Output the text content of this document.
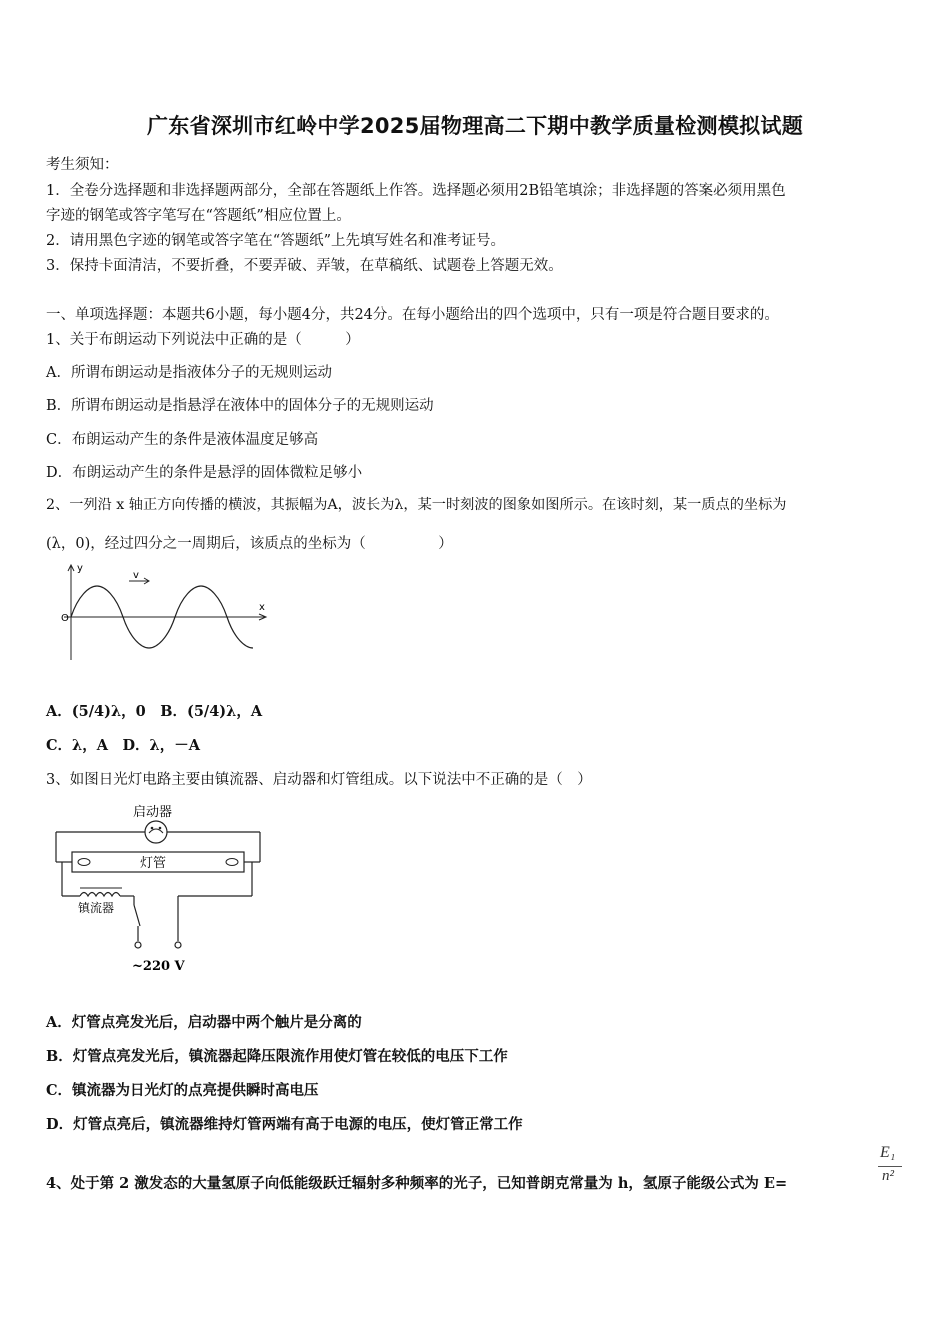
广东省深圳市红岭中学2025届物理高二下期中教学质量检测模拟试题
考生须知：
1．全卷分选择题和非选择题两部分，全部在答题纸上作答。选择题必须用2B铅笔填涂；非选择题的答案必须用黑色
字迹的钢笔或答字笔写在“答题纸”相应位置上。
2．请用黑色字迹的钢笔或答字笔在“答题纸”上先填写姓名和准考证号。
3．保持卡面清洁，不要折叠，不要弄破、弄皱，在草稿纸、试题卷上答题无效。
一、单项选择题：本题共6小题，每小题4分，共24分。在每小题给出的四个选项中，只有一项是符合题目要求的。
1、关于布朗运动下列说法中正确的是（　　　）
A．所谓布朗运动是指液体分子的无规则运动
B．所谓布朗运动是指悬浮在液体中的固体分子的无规则运动
C．布朗运动产生的条件是液体温度足够高
D．布朗运动产生的条件是悬浮的固体微粒足够小
2、一列沿 x 轴正方向传播的横波，其振幅为A，波长为λ，某一时刻波的图象如图所示。在该时刻，某一质点的坐标为
(λ，0)，经过四分之一周期后，该质点的坐标为（　　　　　）
y
x
O
v
A．(5/4)λ，0　B．(5/4)λ，A
C．λ，A　D．λ，－A
3、如图日光灯电路主要由镇流器、启动器和灯管组成。以下说法中不正确的是（　）
启动器
灯管
镇流器
~220 V
A．灯管点亮发光后，启动器中两个触片是分离的
B．灯管点亮发光后，镇流器起降压限流作用使灯管在较低的电压下工作
C．镇流器为日光灯的点亮提供瞬时高电压
D．灯管点亮后，镇流器维持灯管两端有高于电源的电压，使灯管正常工作
4、处于第 2 激发态的大量氢原子向低能级跃迁辐射多种频率的光子，已知普朗克常量为 h，氢原子能级公式为 E=
E₁
n²
